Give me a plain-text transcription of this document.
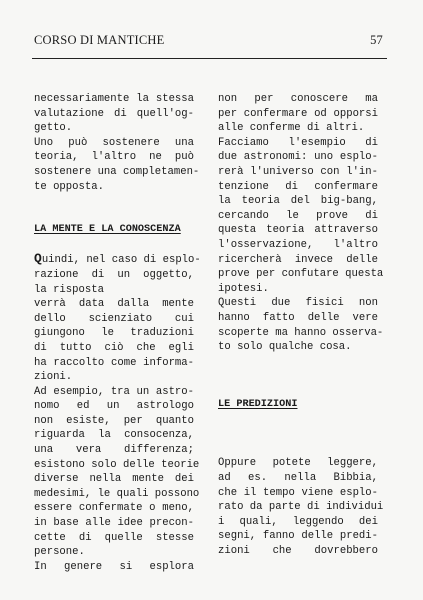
CORSO DI MANTICHE	57
necessariamente la stessa
valutazione di quell'og-
getto.
Uno può sostenere una
teoria, l'altro ne può
sostenere una completamen-
te opposta.
LA MENTE E LA CONOSCENZA
Quindi, nel caso di esplo-
razione di un oggetto,
la risposta
verrà data dalla mente
dello scienziato cui
giungono le traduzioni
di tutto ciò che egli
ha raccolto come informa-
zioni.
Ad esempio, tra un astro-
nomo ed un astrologo
non esiste, per quanto
riguarda la consocenza,
una vera differenza;
esistono solo delle teorie
diverse nella mente dei
medesimi, le quali possono
essere confermate o meno,
in base alle idee precon-
cette di quelle stesse
persone.
In genere si esplora
non per conoscere ma
per confermare od opporsi
alle conferme di altri.
Facciamo l'esempio di
due astronomi: uno esplo-
rerà l'universo con l'in-
tenzione di confermare
la teoria del big-bang,
cercando le prove di
questa teoria attraverso
l'osservazione, l'altro
ricercherà invece delle
prove per confutare questa
ipotesi.
Questi due fisici non
hanno fatto delle vere
scoperte ma hanno osserva-
to solo qualche cosa.
LE PREDIZIONI
Oppure potete leggere,
ad es. nella Bibbia,
che il tempo viene esplo-
rato da parte di individui
i quali, leggendo dei
segni, fanno delle predi-
zioni che dovrebbero
